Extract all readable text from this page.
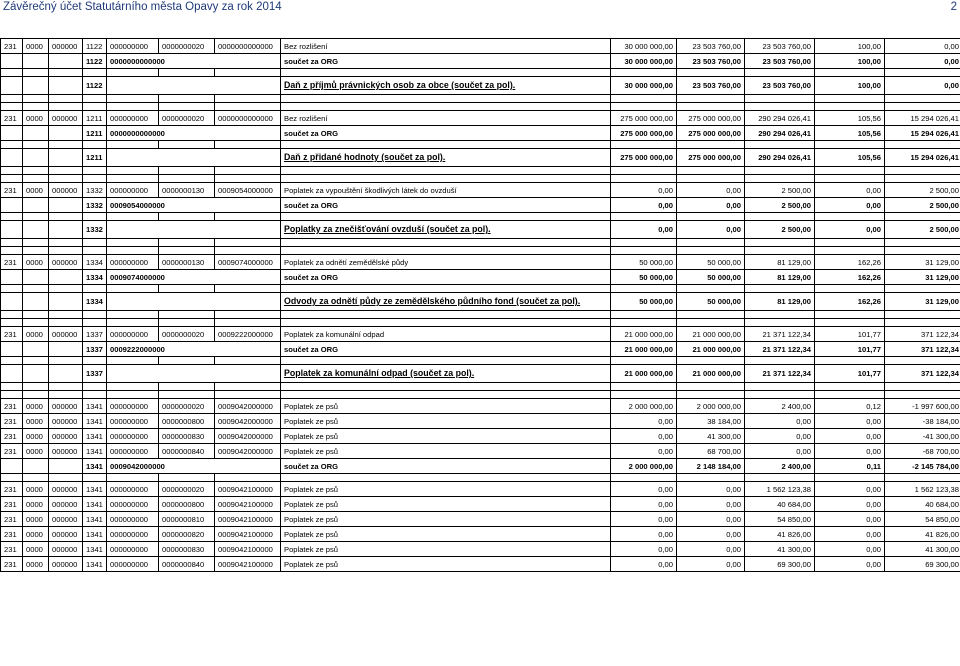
Závěrečný účet Statutárního města Opavy za rok 2014	2
231	0000	000000	1122	000000000	0000000020	0000000000000	Bez rozlišení	30 000 000,00	23 503 760,00	23 503 760,00	100,00	0,00
			1122	0000000000000			součet za ORG	30 000 000,00	23 503 760,00	23 503 760,00	100,00	0,00

			1122				Daň z příjmů právnických osob za obce (součet za pol).	30 000 000,00	23 503 760,00	23 503 760,00	100,00	0,00

231	0000	000000	1211	000000000	0000000020	0000000000000	Bez rozlišení	275 000 000,00	275 000 000,00	290 294 026,41	105,56	15 294 026,41
			1211	0000000000000			součet za ORG	275 000 000,00	275 000 000,00	290 294 026,41	105,56	15 294 026,41

			1211				Daň z přidané hodnoty (součet za pol).	275 000 000,00	275 000 000,00	290 294 026,41	105,56	15 294 026,41

231	0000	000000	1332	000000000	0000000130	0009054000000	Poplatek za vypouštění škodlivých látek do ovzduší	0,00	0,00	2 500,00	0,00	2 500,00
			1332	0009054000000			součet za ORG	0,00	0,00	2 500,00	0,00	2 500,00

			1332				Poplatky za znečišťování ovzduší (součet za pol).	0,00	0,00	2 500,00	0,00	2 500,00

231	0000	000000	1334	000000000	0000000130	0009074000000	Poplatek za odnětí zemědělské půdy	50 000,00	50 000,00	81 129,00	162,26	31 129,00
			1334	0009074000000			součet za ORG	50 000,00	50 000,00	81 129,00	162,26	31 129,00

			1334				Odvody za odnětí půdy ze zemědělského půdního fond (součet za pol).	50 000,00	50 000,00	81 129,00	162,26	31 129,00

231	0000	000000	1337	000000000	0000000020	0009222000000	Poplatek za komunální odpad	21 000 000,00	21 000 000,00	21 371 122,34	101,77	371 122,34
			1337	0009222000000			součet za ORG	21 000 000,00	21 000 000,00	21 371 122,34	101,77	371 122,34

			1337				Poplatek za komunální odpad (součet za pol).	21 000 000,00	21 000 000,00	21 371 122,34	101,77	371 122,34

231	0000	000000	1341	000000000	0000000020	0009042000000	Poplatek ze psů	2 000 000,00	2 000 000,00	2 400,00	0,12	-1 997 600,00
231	0000	000000	1341	000000000	0000000800	0009042000000	Poplatek ze psů	0,00	38 184,00	0,00	0,00	-38 184,00
231	0000	000000	1341	000000000	0000000830	0009042000000	Poplatek ze psů	0,00	41 300,00	0,00	0,00	-41 300,00
231	0000	000000	1341	000000000	0000000840	0009042000000	Poplatek ze psů	0,00	68 700,00	0,00	0,00	-68 700,00
			1341	0009042000000			součet za ORG	2 000 000,00	2 148 184,00	2 400,00	0,11	-2 145 784,00

231	0000	000000	1341	000000000	0000000020	0009042100000	Poplatek ze psů	0,00	0,00	1 562 123,38	0,00	1 562 123,38
231	0000	000000	1341	000000000	0000000800	0009042100000	Poplatek ze psů	0,00	0,00	40 684,00	0,00	40 684,00
231	0000	000000	1341	000000000	0000000810	0009042100000	Poplatek ze psů	0,00	0,00	54 850,00	0,00	54 850,00
231	0000	000000	1341	000000000	0000000820	0009042100000	Poplatek ze psů	0,00	0,00	41 826,00	0,00	41 826,00
231	0000	000000	1341	000000000	0000000830	0009042100000	Poplatek ze psů	0,00	0,00	41 300,00	0,00	41 300,00
231	0000	000000	1341	000000000	0000000840	0009042100000	Poplatek ze psů	0,00	0,00	69 300,00	0,00	69 300,00
